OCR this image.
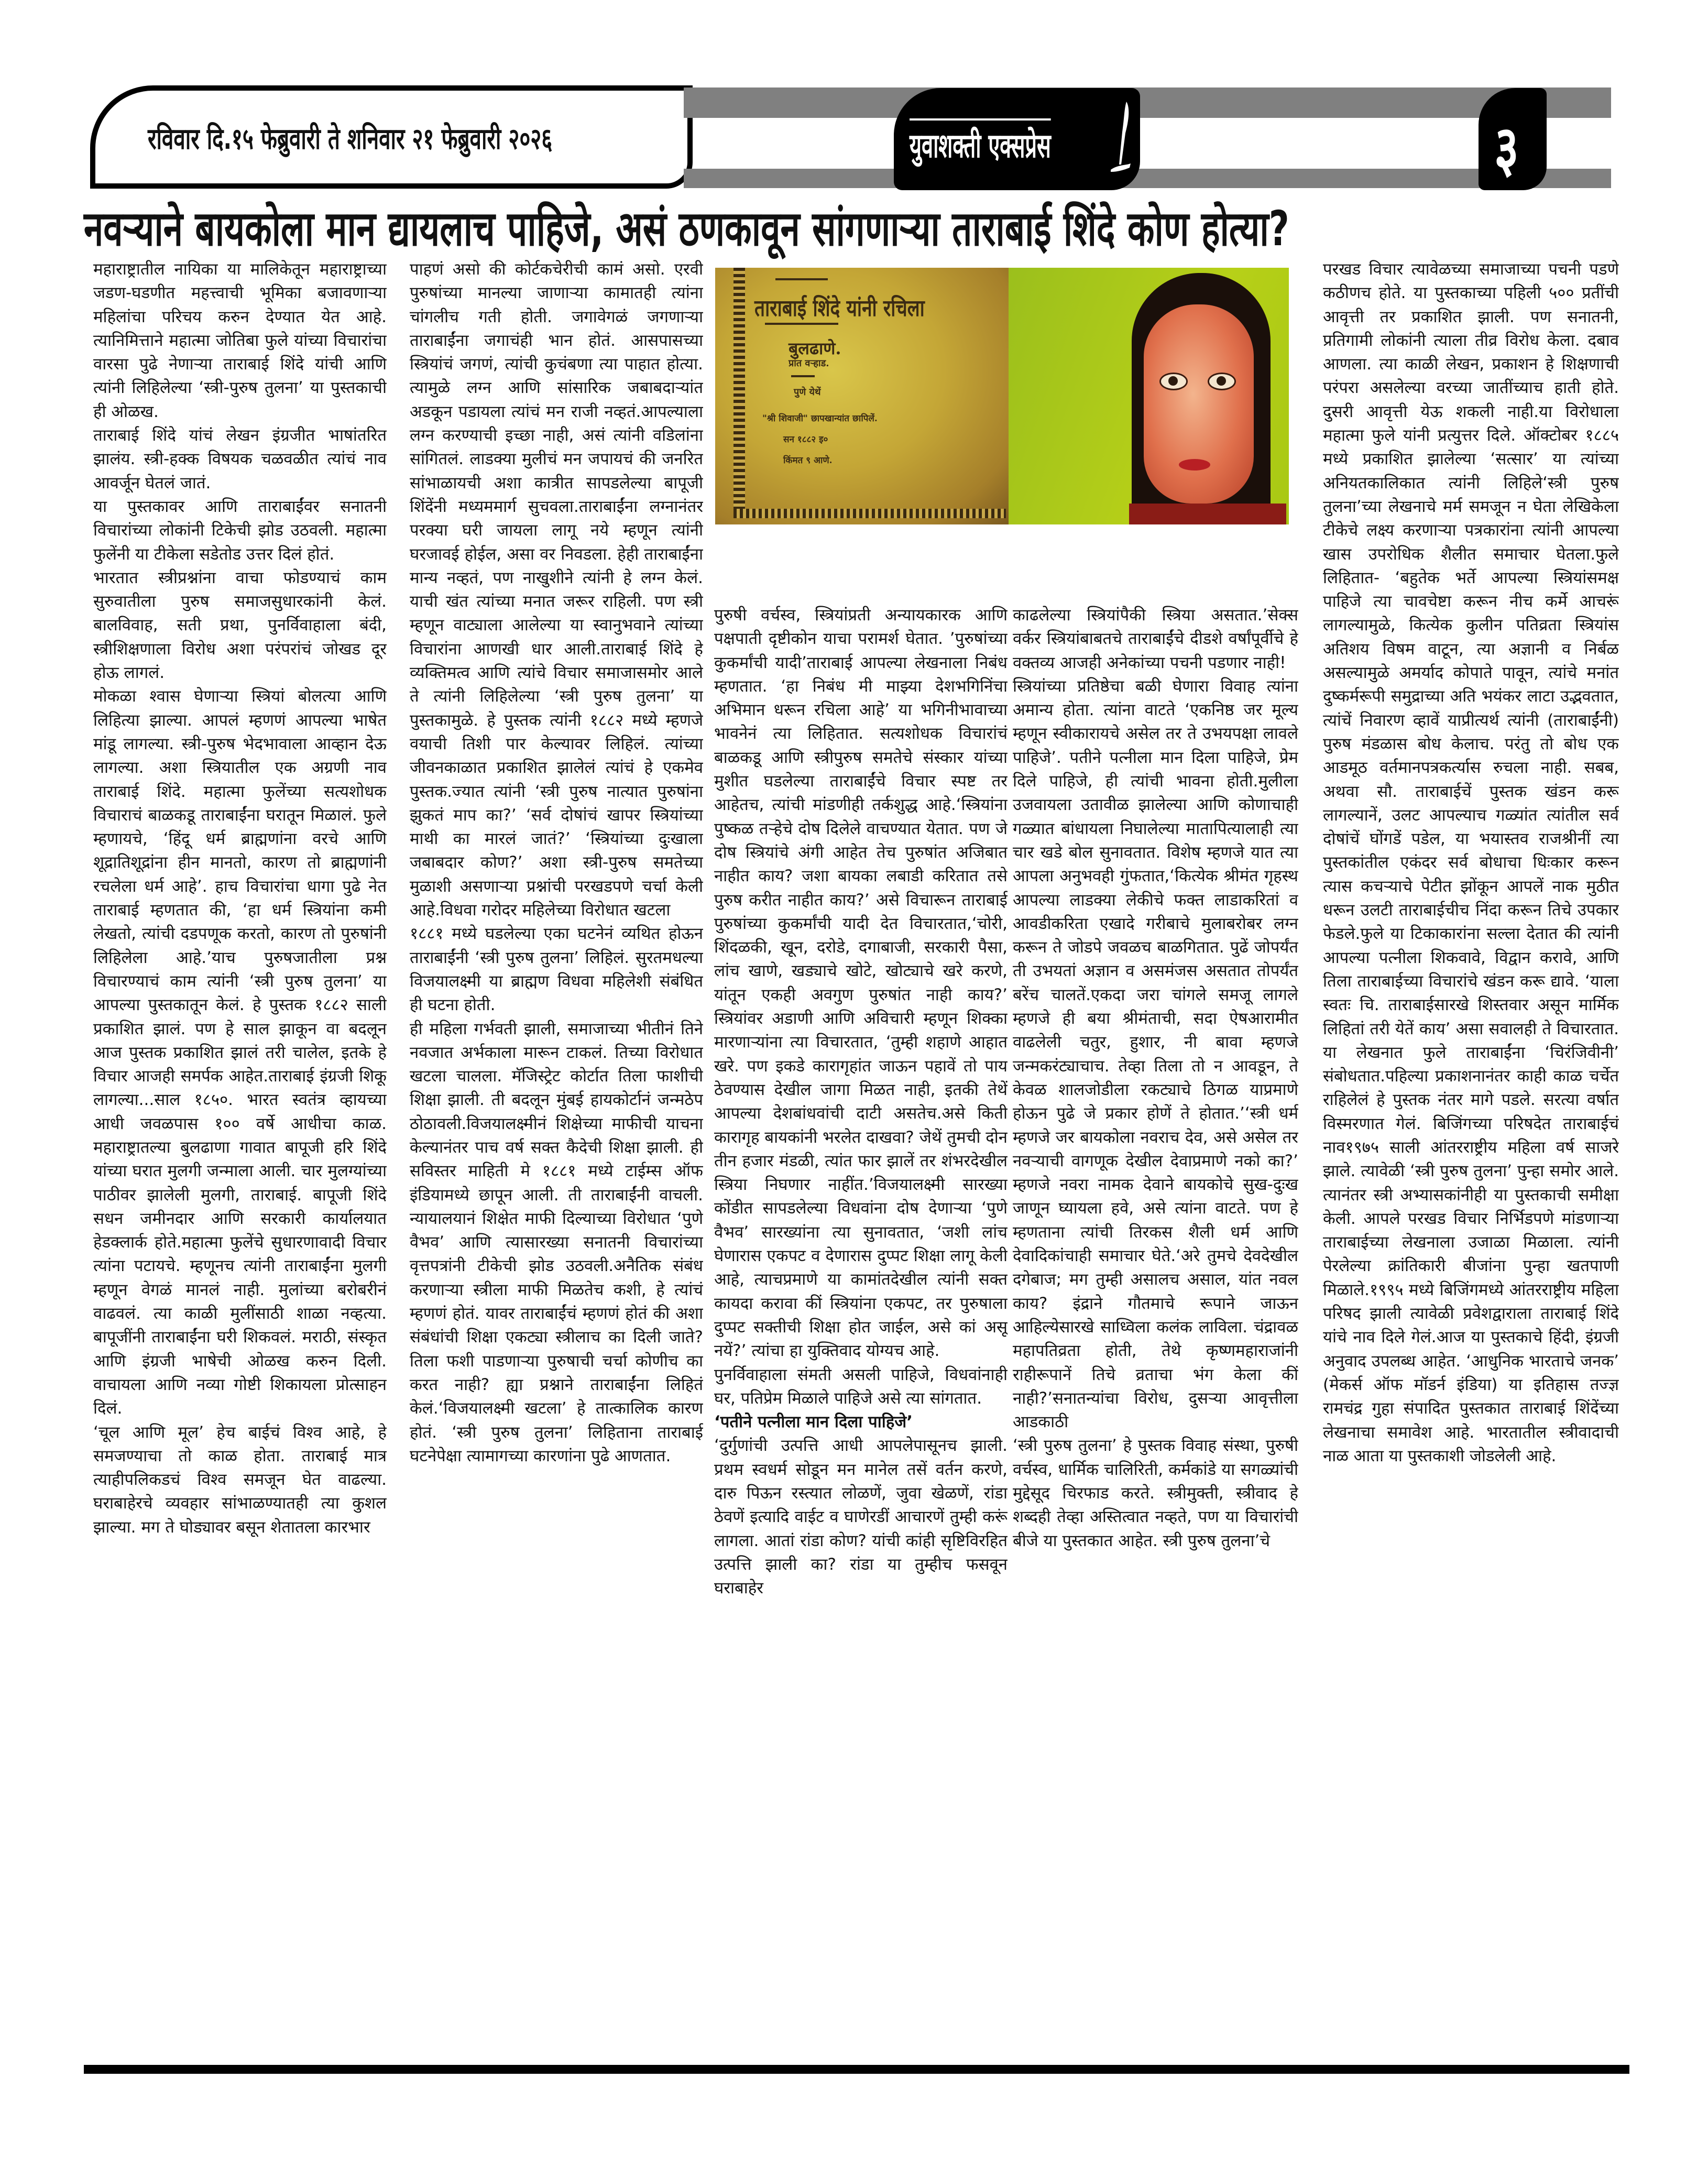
रविवार दि.१५ फेब्रुवारी ते शनिवार २१ फेब्रुवारी २०२६	युवाशक्ती एक्सप्रेस	३
नवऱ्याने बायकोला मान द्यायलाच पाहिजे, असं ठणकावून सांगणाऱ्या ताराबाई शिंदे कोण होत्या?
ताराबाई शिंदे यांनी रचिला
बुलढाणे.
प्रांत वऱ्हाड.
पुणे येथें
"श्री शिवाजी" छापखान्यांत छापिलें.
सन १८८२ इ०
किंमत ९ आणे.

महाराष्ट्रातील नायिका या मालिकेतून महाराष्ट्राच्या जडण-घडणीत महत्त्वाची भूमिका बजावणाऱ्या महिलांचा परिचय करुन देण्यात येत आहे. त्यानिमित्ताने महात्मा जोतिबा फुले यांच्या विचारांचा वारसा पुढे नेणाऱ्या ताराबाई शिंदे यांची आणि त्यांनी लिहिलेल्या ‘स्त्री-पुरुष तुलना’ या पुस्तकाची ही ओळख.

ताराबाई शिंदे यांचं लेखन इंग्रजीत भाषांतरित झालंय. स्त्री-हक्क विषयक चळवळीत त्यांचं नाव आवर्जून घेतलं जातं.

या पुस्तकावर आणि ताराबाईंवर सनातनी विचारांच्या लोकांनी टिकेची झोड उठवली. महात्मा फुलेंनी या टीकेला सडेतोड उत्तर दिलं होतं.

भारतात स्त्रीप्रश्नांना वाचा फोडण्याचं काम सुरुवातीला पुरुष समाजसुधारकांनी केलं. बालविवाह, सती प्रथा, पुनर्विवाहाला बंदी, स्त्रीशिक्षणाला विरोध अशा परंपरांचं जोखड दूर होऊ लागलं.

मोकळा श्वास घेणाऱ्या स्त्रियां बोलत्या आणि लिहित्या झाल्या. आपलं म्हणणं आपल्या भाषेत मांडू लागल्या. स्त्री-पुरुष भेदभावाला आव्हान देऊ लागल्या. अशा स्त्रियातील एक अग्रणी नाव ताराबाई शिंदे. महात्मा फुलेंच्या सत्यशोधक विचाराचं बाळकडू ताराबाईंना घरातून मिळालं. फुले म्हणायचे, ‘हिंदू धर्म ब्राह्मणांना वरचे आणि शूद्रातिशूद्रांना हीन मानतो, कारण तो ब्राह्मणांनी रचलेला धर्म आहे’. हाच विचारांचा धागा पुढे नेत ताराबाई म्हणतात की, ‘हा धर्म स्त्रियांना कमी लेखतो, त्यांची दडपणूक करतो, कारण तो पुरुषांनी लिहिलेला आहे.’याच पुरुषजातीला प्रश्न विचारण्याचं काम त्यांनी ‘स्त्री पुरुष तुलना’ या आपल्या पुस्तकातून केलं. हे पुस्तक १८८२ साली प्रकाशित झालं. पण हे साल झाकून वा बदलून आज पुस्तक प्रकाशित झालं तरी चालेल, इतके हे विचार आजही समर्पक आहेत.ताराबाई इंग्रजी शिकू लागल्या...साल १८५०. भारत स्वतंत्र व्हायच्या आधी जवळपास १०० वर्षे आधीचा काळ. महाराष्ट्रातल्या बुलढाणा गावात बापूजी हरि शिंदे यांच्या घरात मुलगी जन्माला आली. चार मुलग्यांच्या पाठीवर झालेली मुलगी, ताराबाई. बापूजी शिंदे सधन जमीनदार आणि सरकारी कार्यालयात हेडक्लार्क होते.महात्मा फुलेंचे सुधारणावादी विचार त्यांना पटायचे. म्हणूनच त्यांनी ताराबाईंना मुलगी म्हणून वेगळं मानलं नाही. मुलांच्या बरोबरीनं वाढवलं. त्या काळी मुलींसाठी शाळा नव्हत्या. बापूजींनी ताराबाईंना घरी शिकवलं. मराठी, संस्कृत आणि इंग्रजी भाषेची ओळख करुन दिली. वाचायला आणि नव्या गोष्टी शिकायला प्रोत्साहन दिलं.

‘चूल आणि मूल’ हेच बाईचं विश्व आहे, हे समजण्याचा तो काळ होता. ताराबाई मात्र त्याहीपलिकडचं विश्व समजून घेत वाढल्या. घराबाहेरचे व्यवहार सांभाळण्यातही त्या कुशल झाल्या. मग ते घोड्यावर बसून शेतातला कारभार

पाहणं असो की कोर्टकचेरीची कामं असो. एरवी पुरुषांच्या मानल्या जाणाऱ्या कामातही त्यांना चांगलीच गती होती. जगावेगळं जगणाऱ्या ताराबाईंना जगाचंही भान होतं. आसपासच्या स्त्रियांचं जगणं, त्यांची कुचंबणा त्या पाहात होत्या. त्यामुळे लग्न आणि सांसारिक जबाबदाऱ्यांत अडकून पडायला त्यांचं मन राजी नव्हतं.आपल्याला लग्न करण्याची इच्छा नाही, असं त्यांनी वडिलांना सांगितलं. लाडक्या मुलीचं मन जपायचं की जनरित सांभाळायची अशा कात्रीत सापडलेल्या बापूजी शिंदेंनी मध्यममार्ग सुचवला.ताराबाईंना लग्नानंतर परक्या घरी जायला लागू नये म्हणून त्यांनी घरजावई होईल, असा वर निवडला. हेही ताराबाईंना मान्य नव्हतं, पण नाखुशीने त्यांनी हे लग्न केलं. याची खंत त्यांच्या मनात जरूर राहिली. पण स्त्री म्हणून वाट्याला आलेल्या या स्वानुभवाने त्यांच्या विचारांना आणखी धार आली.ताराबाई शिंदे हे व्यक्तिमत्व आणि त्यांचे विचार समाजासमोर आले ते त्यांनी लिहिलेल्या ‘स्त्री पुरुष तुलना’ या पुस्तकामुळे. हे पुस्तक त्यांनी १८८२ मध्ये म्हणजे वयाची तिशी पार केल्यावर लिहिलं. त्यांच्या जीवनकाळात प्रकाशित झालेलं त्यांचं हे एकमेव पुस्तक.ज्यात त्यांनी ‘स्त्री पुरुष नात्यात पुरुषांना झुकतं माप का?’ ‘सर्व दोषांचं खापर स्त्रियांच्या माथी का मारलं जातं?’ ‘स्त्रियांच्या दुःखाला जबाबदार कोण?’ अशा स्त्री-पुरुष समतेच्या मुळाशी असणाऱ्या प्रश्नांची परखडपणे चर्चा केली आहे.विधवा गरोदर महिलेच्या विरोधात खटला

१८८१ मध्ये घडलेल्या एका घटनेनं व्यथित होऊन ताराबाईंनी ‘स्त्री पुरुष तुलना’ लिहिलं. सुरतमधल्या विजयालक्ष्मी या ब्राह्मण विधवा महिलेशी संबंधित ही घटना होती.

ही महिला गर्भवती झाली, समाजाच्या भीतीनं तिने नवजात अर्भकाला मारून टाकलं. तिच्या विरोधात खटला चालला. मॅजिस्ट्रेट कोर्टात तिला फाशीची शिक्षा झाली. ती बदलून मुंबई हायकोर्टानं जन्मठेप ठोठावली.विजयालक्ष्मीनं शिक्षेच्या माफीची याचना केल्यानंतर पाच वर्ष सक्त कैदेची शिक्षा झाली. ही सविस्तर माहिती मे १८८१ मध्ये टाईम्स ऑफ इंडियामध्ये छापून आली. ती ताराबाईंनी वाचली. न्यायालयानं शिक्षेत माफी दिल्याच्या विरोधात ‘पुणे वैभव’ आणि त्यासारख्या सनातनी विचारांच्या वृत्तपत्रांनी टीकेची झोड उठवली.अनैतिक संबंध करणाऱ्या स्त्रीला माफी मिळतेच कशी, हे त्यांचं म्हणणं होतं. यावर ताराबाईंचं म्हणणं होतं की अशा संबंधांची शिक्षा एकट्या स्त्रीलाच का दिली जाते? तिला फशी पाडणाऱ्या पुरुषाची चर्चा कोणीच का करत नाही? ह्या प्रश्नाने ताराबाईंना लिहितं केलं.‘विजयालक्ष्मी खटला’ हे तात्कालिक कारण होतं. ‘स्त्री पुरुष तुलना’ लिहिताना ताराबाई घटनेपेक्षा त्यामागच्या कारणांना पुढे आणतात.

पुरुषी वर्चस्व, स्त्रियांप्रती अन्यायकारक आणि पक्षपाती दृष्टीकोन याचा परामर्श घेतात. ’पुरुषांच्या कुकर्मांची यादी’ताराबाई आपल्या लेखनाला निबंध म्हणतात. ‘हा निबंध मी माझ्या देशभगिनिंचा अभिमान धरून रचिला आहे’ या भगिनीभावाच्या भावनेनं त्या लिहितात. सत्यशोधक विचारांचं बाळकडू आणि स्त्रीपुरुष समतेचे संस्कार यांच्या मुशीत घडलेल्या ताराबाईंचे विचार स्पष्ट तर आहेतच, त्यांची मांडणीही तर्कशुद्ध आहे.‘स्त्रियांना पुष्कळ तऱ्हेचे दोष दिलेले वाचण्यात येतात. पण जे दोष स्त्रियांचे अंगी आहेत तेच पुरुषांत अजिबात नाहीत काय? जशा बायका लबाडी करितात तसे पुरुष करीत नाहीत काय?’ असे विचारून ताराबाई पुरुषांच्या कुकर्मांची यादी देत विचारतात,‘चोरी, शिंदळकी, खून, दरोडे, दगाबाजी, सरकारी पैसा, लांच खाणे, खड्याचे खोटे, खोट्याचे खरे करणे, यांतून एकही अवगुण पुरुषांत नाही काय?’ स्त्रियांवर अडाणी आणि अविचारी म्हणून शिक्का मारणाऱ्यांना त्या विचारतात, ‘तुम्ही शहाणे आहात खरे. पण इकडे कारागृहांत जाऊन पहावें तो पाय ठेवण्यास देखील जागा मिळत नाही, इतकी तेथें आपल्या देशबांधवांची दाटी असतेच.असे किती कारागृह बायकांनी भरलेत दाखवा? जेथें तुमची दोन तीन हजार मंडळी, त्यांत फार झालें तर शंभरदेखील स्त्रिया निघणार नाहींत.’विजयालक्ष्मी सारख्या कोंडीत सापडलेल्या विधवांना दोष देणाऱ्या ‘पुणे वैभव’ सारख्यांना त्या सुनावतात, ‘जशी लांच घेणारास एकपट व देणारास दुप्पट शिक्षा लागू केली आहे, त्याचप्रमाणे या कामांतदेखील त्यांनी सक्त कायदा करावा कीं स्त्रियांना एकपट, तर पुरुषाला दुप्पट सक्तीची शिक्षा होत जाईल, असे कां असू नयें?’ त्यांचा हा युक्तिवाद योग्यच आहे.

पुनर्विवाहाला संमती असली पाहिजे, विधवांनाही घर, पतिप्रेम मिळाले पाहिजे असे त्या सांगतात.

‘पतीने पत्नीला मान दिला पाहिजे’

‘दुर्गुणांची उत्पत्ति आधी आपलेपासूनच झाली. प्रथम स्वधर्म सोडून मन मानेल तसें वर्तन करणे, दारु पिऊन रस्त्यात लोळणें, जुवा खेळणें, रांडा ठेवणें इत्यादि वाईट व घाणेरडीं आचारणें तुम्ही करूं लागला. आतां रांडा कोण? यांची कांही सृष्टिविरहित उत्पत्ति झाली का? रांडा या तुम्हीच फसवून घराबाहेर

काढलेल्या स्त्रियांपैकी स्त्रिया असतात.’सेक्स वर्कर स्त्रियांबाबतचे ताराबाईंचे दीडशे वर्षांपूर्वीचे हे वक्तव्य आजही अनेकांच्या पचनी पडणार नाही!

स्त्रियांच्या प्रतिष्ठेचा बळी घेणारा विवाह त्यांना अमान्य होता. त्यांना वाटते ‘एकनिष्ठ जर मूल्य म्हणून स्वीकारायचे असेल तर ते उभयपक्षा लावले पाहिजे’. पतीने पत्नीला मान दिला पाहिजे, प्रेम दिले पाहिजे, ही त्यांची भावना होती.मुलीला उजवायला उतावीळ झालेल्या आणि कोणाचाही गळ्यात बांधायला निघालेल्या मातापित्यालाही त्या चार खडे बोल सुनावतात. विशेष म्हणजे यात त्या आपला अनुभवही गुंफतात,‘कित्येक श्रीमंत गृहस्थ आपल्या लाडक्या लेकीचे फक्त लाडाकरितां व आवडीकरिता एखादे गरीबाचे मुलाबरोबर लग्न करून ते जोडपे जवळच बाळगितात. पुढें जोपर्यंत ती उभयतां अज्ञान व असमंजस असतात तोपर्यंत बरेंच चालतें.एकदा जरा चांगले समजू लागले म्हणजे ही बया श्रीमंताची, सदा ऐषआरामीत वाढलेली चतुर, हुशार, नी बावा म्हणजे जन्मकरंट्याचाच. तेव्हा तिला तो न आवडून, ते केवळ शालजोडीला रकट्याचे ठिगळ याप्रमाणे होऊन पुढे जे प्रकार होणें ते होतात.’‘स्त्री धर्म म्हणजे जर बायकोला नवराच देव, असे असेल तर नवऱ्याची वागणूक देखील देवाप्रमाणे नको का?’ म्हणजे नवरा नामक देवाने बायकोचे सुख-दुःख जाणून घ्यायला हवे, असे त्यांना वाटते. पण हे म्हणताना त्यांची तिरकस शैली धर्म आणि देवादिकांचाही समाचार घेते.‘अरे तुमचे देवदेखील दगेबाज; मग तुम्ही असालच असाल, यांत नवल काय? इंद्राने गौतमाचे रूपाने जाऊन आहिल्येसारखे साध्विला कलंक लाविला. चंद्रावळ महापतिव्रता होती, तेथे कृष्णमहाराजांनी राहीरूपानें तिचे व्रताचा भंग केला कीं नाही?’सनातन्यांचा विरोध, दुसऱ्या आवृत्तीला आडकाठी

‘स्त्री पुरुष तुलना’ हे पुस्तक विवाह संस्था, पुरुषी वर्चस्व, धार्मिक चालिरिती, कर्मकांडे या सगळ्यांची मुद्देसूद चिरफाड करते. स्त्रीमुक्ती, स्त्रीवाद हे शब्दही तेव्हा अस्तित्वात नव्हते, पण या विचारांची बीजे या पुस्तकात आहेत. स्त्री पुरुष तुलना’चे

परखड विचार त्यावेळच्या समाजाच्या पचनी पडणे कठीणच होते. या पुस्तकाच्या पहिली ५०० प्रतींची आवृत्ती तर प्रकाशित झाली. पण सनातनी, प्रतिगामी लोकांनी त्याला तीव्र विरोध केला. दबाव आणला. त्या काळी लेखन, प्रकाशन हे शिक्षणाची परंपरा असलेल्या वरच्या जातींच्याच हाती होते. दुसरी आवृत्ती येऊ शकली नाही.या विरोधाला महात्मा फुले यांनी प्रत्युत्तर दिले. ऑक्टोबर १८८५ मध्ये प्रकाशित झालेल्या ‘सत्सार’ या त्यांच्या अनियतकालिकात त्यांनी लिहिले‘स्त्री पुरुष तुलना’च्या लेखनाचे मर्म समजून न घेता लेखिकेला टीकेचे लक्ष्य करणाऱ्या पत्रकारांना त्यांनी आपल्या खास उपरोधिक शैलीत समाचार घेतला.फुले लिहितात- ‘बहुतेक भर्ते आपल्या स्त्रियांसमक्ष पाहिजे त्या चावचेष्टा करून नीच कर्मे आचरूं लागल्यामुळे, कित्येक कुलीन पतिव्रता स्त्रियांस अतिशय विषम वाटून, त्या अज्ञानी व निर्बळ असल्यामुळे अमर्याद कोपाते पावून, त्यांचे मनांत दुष्कर्मरूपी समुद्राच्या अति भयंकर लाटा उद्भवतात, त्यांचें निवारण व्हावें याप्रीत्यर्थ त्यांनी (ताराबाईंनी) पुरुष मंडळास बोध केलाच. परंतु तो बोध एक आडमूठ वर्तमानपत्रकर्त्यास रुचला नाही. सबब, अथवा सौ. ताराबाईचें पुस्तक खंडन करू लागल्यानें, उलट आपल्याच गळ्यांत त्यांतील सर्व दोषांचें घोंगडें पडेल, या भयास्तव राजश्रीनीं त्या पुस्तकांतील एकंदर सर्व बोधाचा धिःकार करून त्यास कचऱ्याचे पेटीत झोंकून आपलें नाक मुठीत धरून उलटी ताराबाईचीच निंदा करून तिचे उपकार फेडले.फुले या टिकाकारांना सल्ला देतात की त्यांनी आपल्या पत्नीला शिकवावे, विद्वान करावे, आणि तिला ताराबाईच्या विचारांचे खंडन करू द्यावे. ‘याला स्वतः चि. ताराबाईसारखे शिस्तवार असून मार्मिक लिहितां तरी येतें काय’ असा सवालही ते विचारतात. या लेखनात फुले ताराबाईंना ‘चिरंजिवीनी’ संबोधतात.पहिल्या प्रकाशनानंतर काही काळ चर्चेत राहिलेलं हे पुस्तक नंतर मागे पडले. सरत्या वर्षात विस्मरणात गेलं. बिजिंगच्या परिषदेत ताराबाईचं नाव१९७५ साली आंतरराष्ट्रीय महिला वर्ष साजरे झाले. त्यावेळी ‘स्त्री पुरुष तुलना’ पुन्हा समोर आले. त्यानंतर स्त्री अभ्यासकांनीही या पुस्तकाची समीक्षा केली. आपले परखड विचार निर्भिडपणे मांडणाऱ्या ताराबाईच्या लेखनाला उजाळा मिळाला. त्यांनी पेरलेल्या क्रांतिकारी बीजांना पुन्हा खतपाणी मिळाले.१९९५ मध्ये बिजिंगमध्ये आंतरराष्ट्रीय महिला परिषद झाली त्यावेळी प्रवेशद्वाराला ताराबाई शिंदे यांचे नाव दिले गेलं.आज या पुस्तकाचे हिंदी, इंग्रजी अनुवाद उपलब्ध आहेत. ‘आधुनिक भारताचे जनक’ (मेकर्स ऑफ मॉडर्न इंडिया) या इतिहास तज्ज्ञ रामचंद्र गुहा संपादित पुस्तकात ताराबाई शिंदेंच्या लेखनाचा समावेश आहे. भारतातील स्त्रीवादाची नाळ आता या पुस्तकाशी जोडलेली आहे.
